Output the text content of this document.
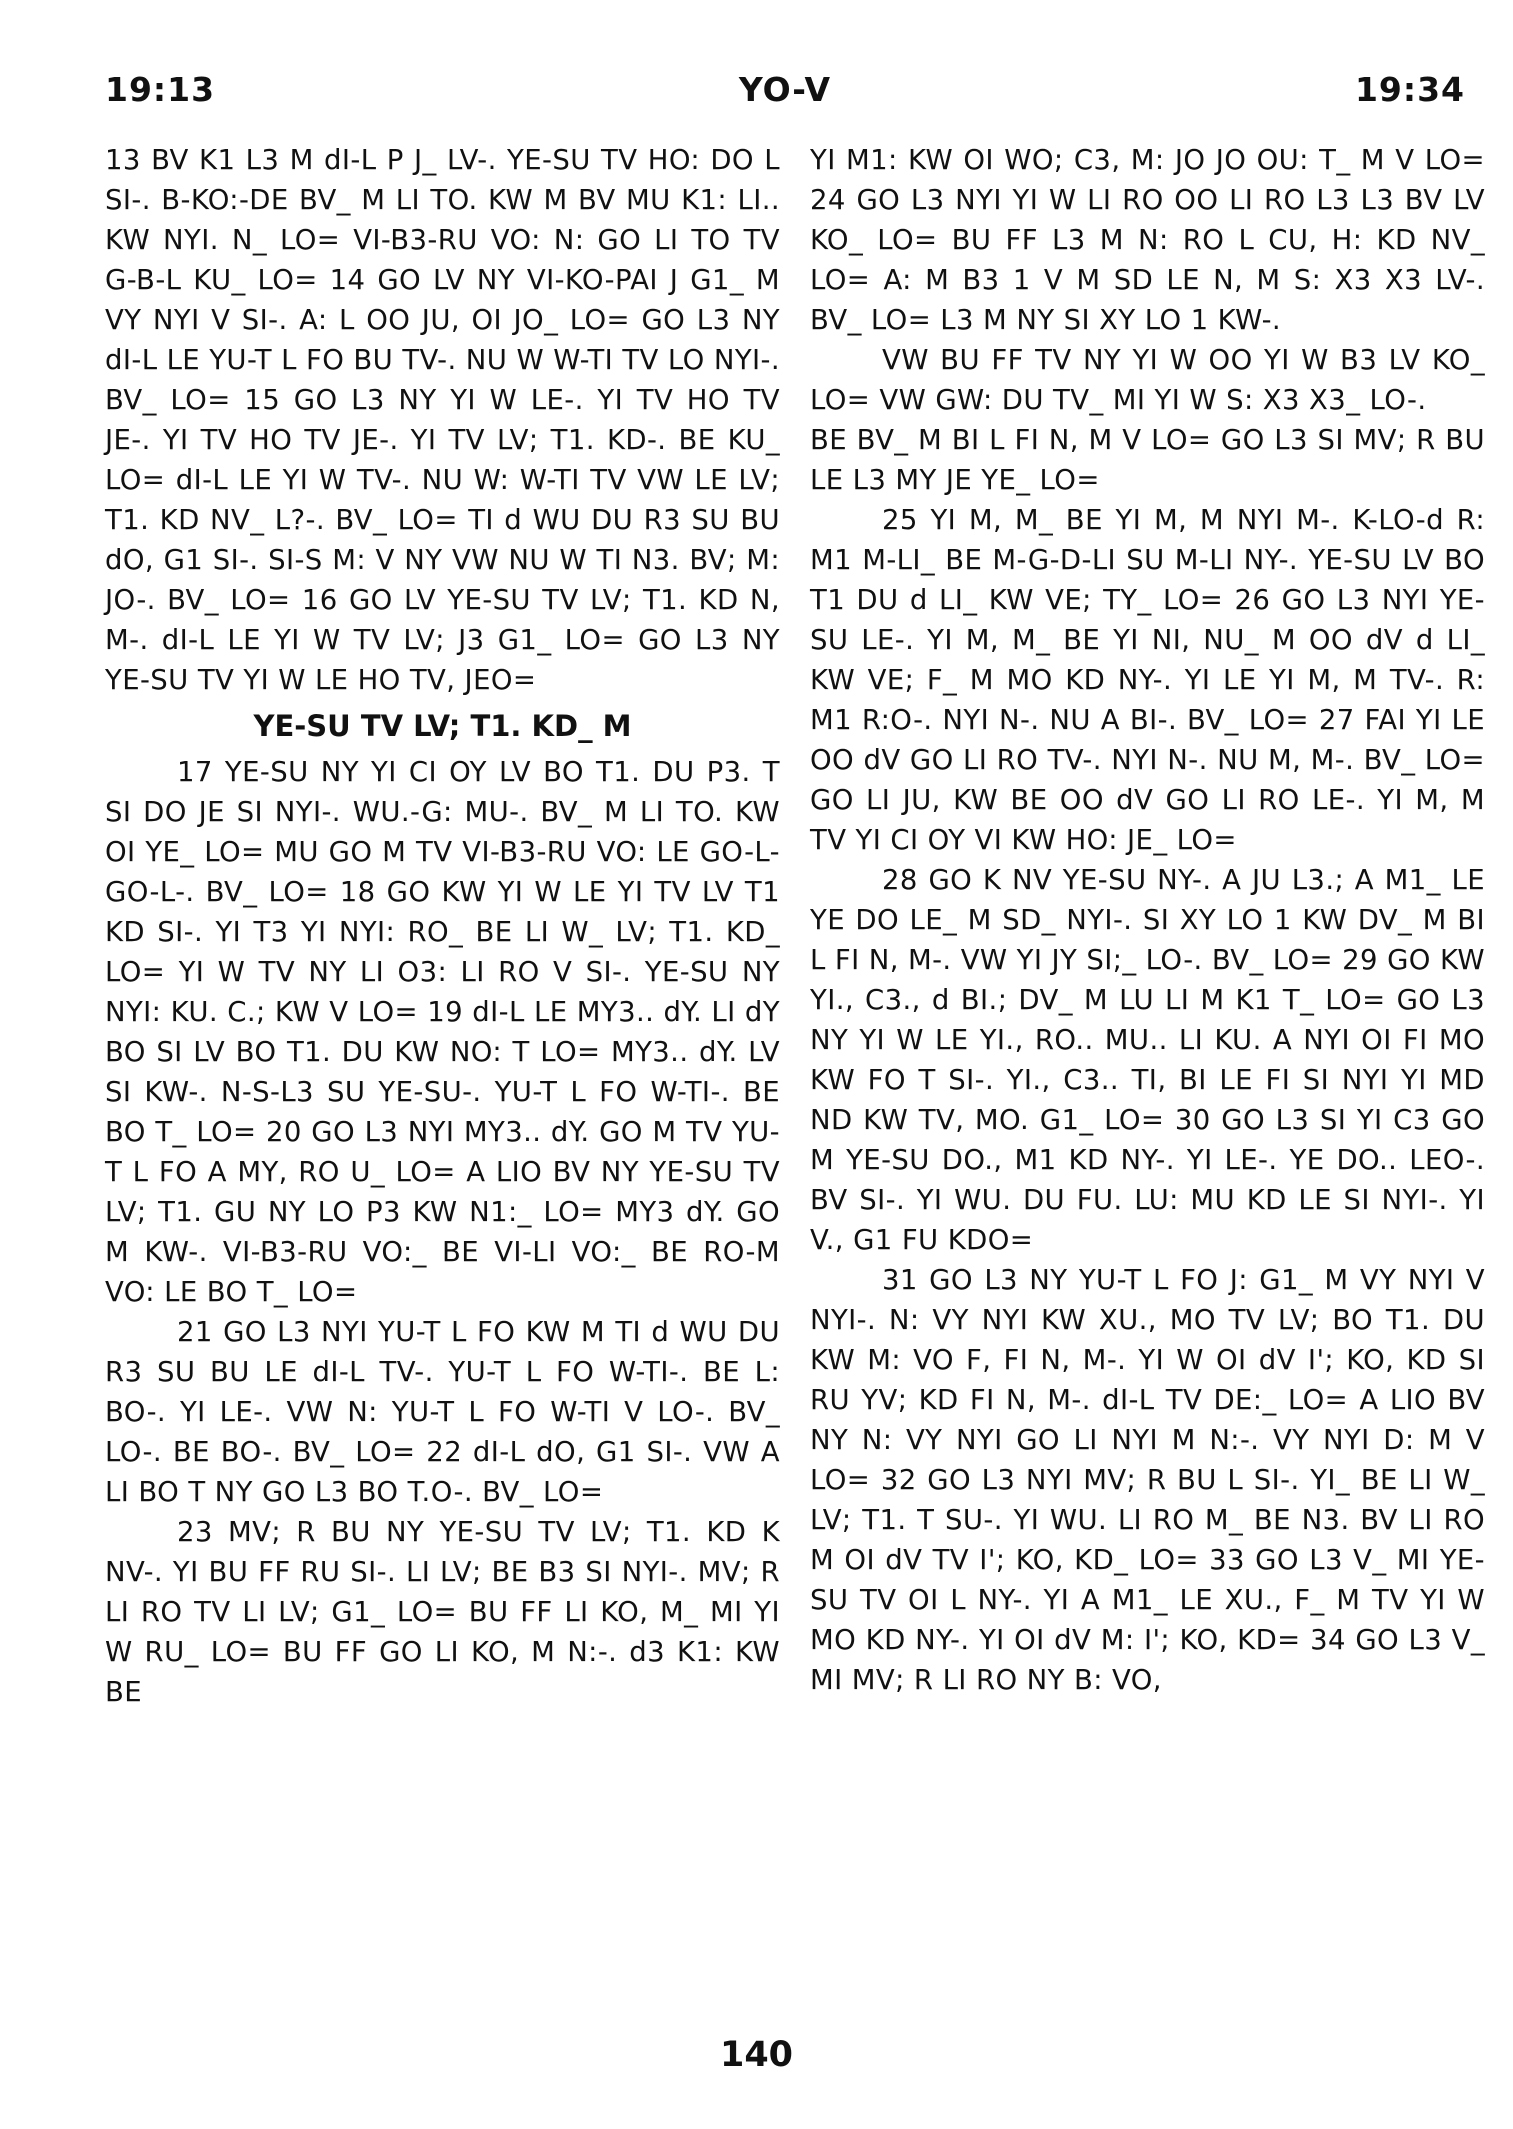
19:13	YO-V	19:34

13 BV K1 L3 M dI-L P J_ LV-. YE-SU TV HO: DO L SI-. B-KO:-DE BV_ M LI TO. KW M BV MU K1: LI.. KW NYI. N_ LO= VI-B3-RU VO: N: GO LI TO TV G-B-L KU_ LO= 14 GO LV NY VI-KO-PAI J G1_ M VY NYI V SI-. A: L OO JU, OI JO_ LO= GO L3 NY dI-L LE YU-T L FO BU TV-. NU W W-TI TV LO NYI-. BV_ LO= 15 GO L3 NY YI W LE-. YI TV HO TV JE-. YI TV HO TV JE-. YI TV LV; T1. KD-. BE KU_ LO= dI-L LE YI W TV-. NU W: W-TI TV VW LE LV; T1. KD NV_ L?-. BV_ LO= TI d WU DU R3 SU BU dO, G1 SI-. SI-S M: V NY VW NU W TI N3. BV; M: JO-. BV_ LO= 16 GO LV YE-SU TV LV; T1. KD N, M-. dI-L LE YI W TV LV; J3 G1_ LO= GO L3 NY YE-SU TV YI W LE HO TV, JEO=

YE-SU TV LV; T1. KD_ M

17 YE-SU NY YI CI OY LV BO T1. DU P3. T SI DO JE SI NYI-. WU.-G: MU-. BV_ M LI TO. KW OI YE_ LO= MU GO M TV VI-B3-RU VO: LE GO-L-GO-L-. BV_ LO= 18 GO KW YI W LE YI TV LV T1 KD SI-. YI T3 YI NYI: RO_ BE LI W_ LV; T1. KD_ LO= YI W TV NY LI O3: LI RO V SI-. YE-SU NY NYI: KU. C.; KW V LO= 19 dI-L LE MY3.. dY. LI dY BO SI LV BO T1. DU KW NO: T LO= MY3.. dY. LV SI KW-. N-S-L3 SU YE-SU-. YU-T L FO W-TI-. BE BO T_ LO= 20 GO L3 NYI MY3.. dY. GO M TV YU-T L FO A MY, RO U_ LO= A LIO BV NY YE-SU TV LV; T1. GU NY LO P3 KW N1:_ LO= MY3 dY. GO M KW-. VI-B3-RU VO:_ BE VI-LI VO:_ BE RO-M VO: LE BO T_ LO=

21 GO L3 NYI YU-T L FO KW M TI d WU DU R3 SU BU LE dI-L TV-. YU-T L FO W-TI-. BE L: BO-. YI LE-. VW N: YU-T L FO W-TI V LO-. BV_ LO-. BE BO-. BV_ LO= 22 dI-L dO, G1 SI-. VW A LI BO T NY GO L3 BO T.O-. BV_ LO=

23 MV; R BU NY YE-SU TV LV; T1. KD K NV-. YI BU FF RU SI-. LI LV; BE B3 SI NYI-. MV; R LI RO TV LI LV; G1_ LO= BU FF LI KO, M_ MI YI W RU_ LO= BU FF GO LI KO, M N:-. d3 K1: KW BE

YI M1: KW OI WO; C3, M: JO JO OU: T_ M V LO= 24 GO L3 NYI YI W LI RO OO LI RO L3 L3 BV LV KO_ LO= BU FF L3 M N: RO L CU, H: KD NV_ LO= A: M B3 1 V M SD LE N, M S: X3 X3 LV-. BV_ LO= L3 M NY SI XY LO 1 KW-.

VW BU FF TV NY YI W OO YI W B3 LV KO_ LO= VW GW: DU TV_ MI YI W S: X3 X3_ LO-.

BE BV_ M BI L FI N, M V LO= GO L3 SI MV; R BU LE L3 MY JE YE_ LO=

25 YI M, M_ BE YI M, M NYI M-. K-LO-d R: M1 M-LI_ BE M-G-D-LI SU M-LI NY-. YE-SU LV BO T1 DU d LI_ KW VE; TY_ LO= 26 GO L3 NYI YE-SU LE-. YI M, M_ BE YI NI, NU_ M OO dV d LI_ KW VE; F_ M MO KD NY-. YI LE YI M, M TV-. R: M1 R:O-. NYI N-. NU A BI-. BV_ LO= 27 FAI YI LE OO dV GO LI RO TV-. NYI N-. NU M, M-. BV_ LO= GO LI JU, KW BE OO dV GO LI RO LE-. YI M, M TV YI CI OY VI KW HO: JE_ LO=

28 GO K NV YE-SU NY-. A JU L3.; A M1_ LE YE DO LE_ M SD_ NYI-. SI XY LO 1 KW DV_ M BI L FI N, M-. VW YI JY SI;_ LO-. BV_ LO= 29 GO KW YI., C3., d BI.; DV_ M LU LI M K1 T_ LO= GO L3 NY YI W LE YI., RO.. MU.. LI KU. A NYI OI FI MO KW FO T SI-. YI., C3.. TI, BI LE FI SI NYI YI MD ND KW TV, MO. G1_ LO= 30 GO L3 SI YI C3 GO M YE-SU DO., M1 KD NY-. YI LE-. YE DO.. LEO-. BV SI-. YI WU. DU FU. LU: MU KD LE SI NYI-. YI V., G1 FU KDO=

31 GO L3 NY YU-T L FO J: G1_ M VY NYI V NYI-. N: VY NYI KW XU., MO TV LV; BO T1. DU KW M: VO F, FI N, M-. YI W OI dV I'; KO, KD SI RU YV; KD FI N, M-. dI-L TV DE:_ LO= A LIO BV NY N: VY NYI GO LI NYI M N:-. VY NYI D: M V LO= 32 GO L3 NYI MV; R BU L SI-. YI_ BE LI W_ LV; T1. T SU-. YI WU. LI RO M_ BE N3. BV LI RO M OI dV TV I'; KO, KD_ LO= 33 GO L3 V_ MI YE-SU TV OI L NY-. YI A M1_ LE XU., F_ M TV YI W MO KD NY-. YI OI dV M: I'; KO, KD= 34 GO L3 V_ MI MV; R LI RO NY B: VO,

140
